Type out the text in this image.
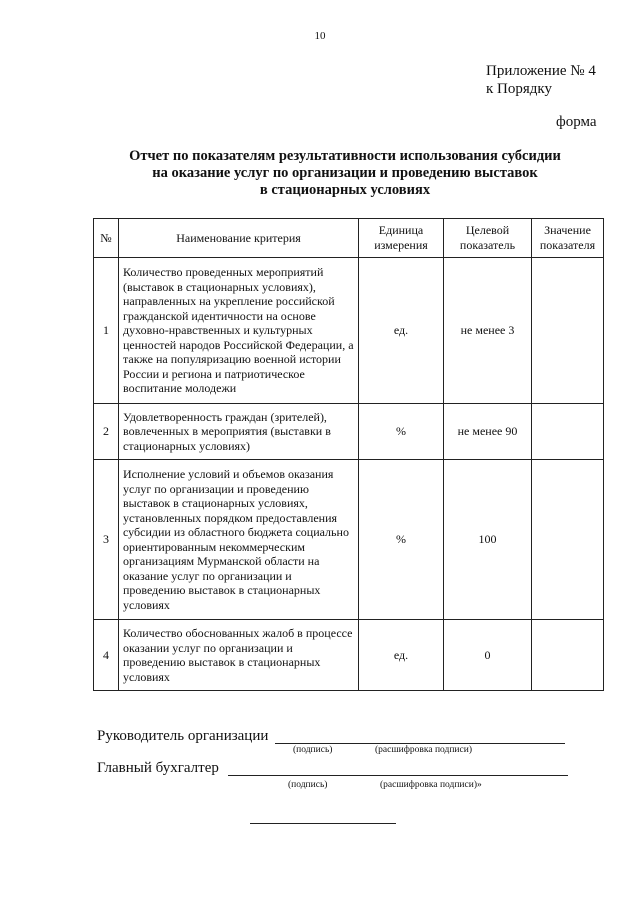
10
Приложение № 4
к Порядку
форма
Отчет по показателям результативности использования субсидии
на оказание услуг по организации и проведению выставок
в стационарных условиях
№	Наименование критерия	Единица измерения	Целевой показатель	Значение показателя
1	Количество проведенных мероприятий (выставок в стационарных условиях), направленных на укрепление российской гражданской идентичности на основе духовно-нравственных и культурных ценностей народов Российской Федерации, а также на популяризацию военной истории России и региона и патриотическое воспитание молодежи	ед.	не менее 3	
2	Удовлетворенность граждан (зрителей), вовлеченных в мероприятия (выставки в стационарных условиях)	%	не менее 90	
3	Исполнение условий и объемов оказания услуг по организации и проведению выставок в стационарных условиях, установленных порядком предоставления субсидии из областного бюджета социально ориентированным некоммерческим организациям Мурманской области на оказание услуг по организации и проведению выставок в стационарных условиях	%	100	
4	Количество обоснованных жалоб в процессе оказании услуг по организации и проведению выставок в стационарных условиях	ед.	0	
Руководитель организации
(подпись)	(расшифровка подписи)
Главный бухгалтер
(подпись)	(расшифровка подписи)»
